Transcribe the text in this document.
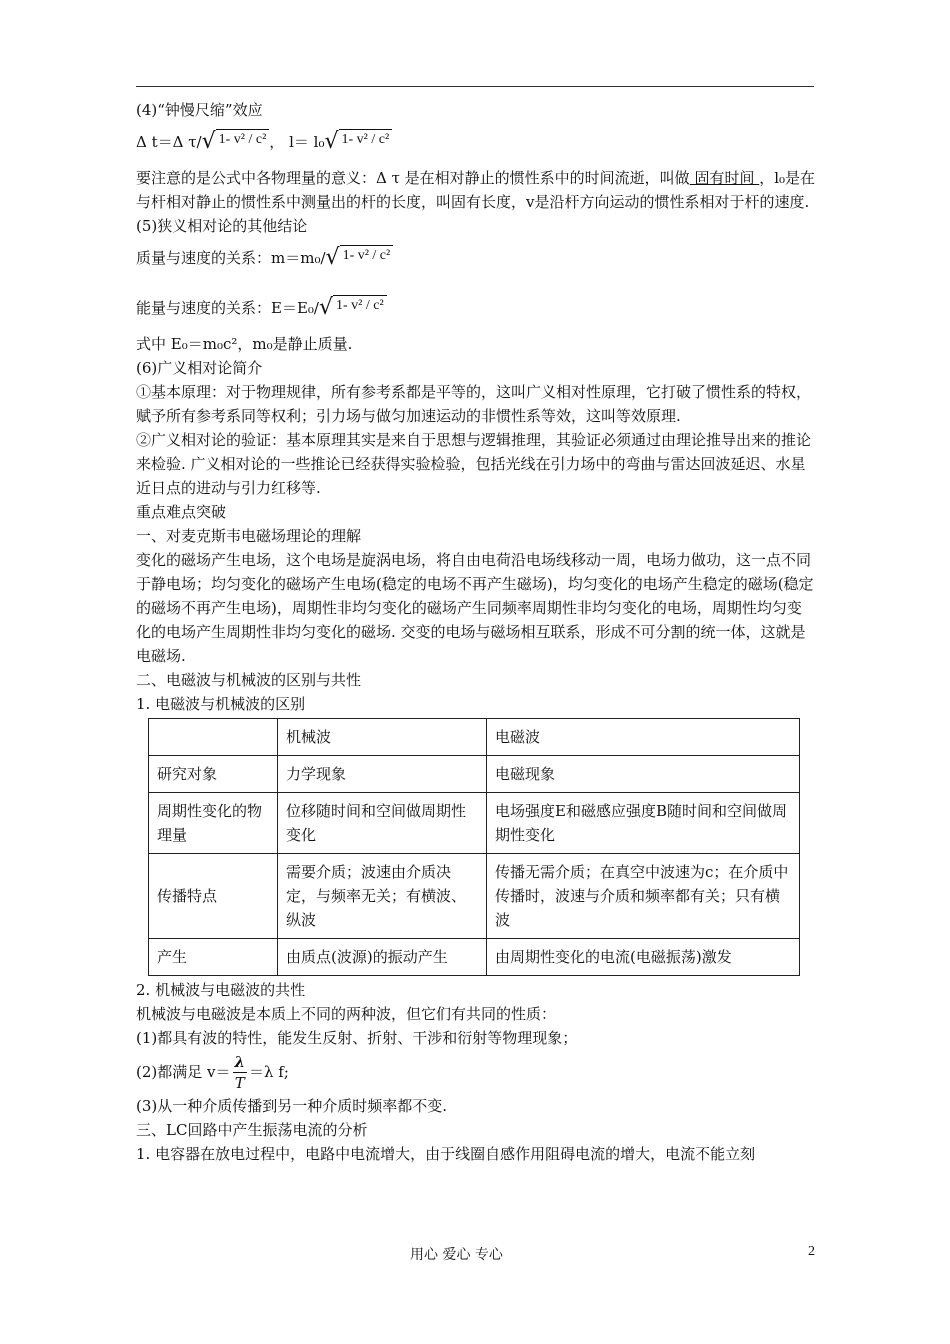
(4)“钟慢尺缩”效应
Δ t＝Δ τ/ √ 1- v² / c² ，
l＝ l₀ √ 1- v² / c²
要注意的是公式中各物理量的意义：Δ τ 是在相对静止的惯性系中的时间流逝，叫做 固有时间 ，l₀是在与杆相对静止的惯性系中测量出的杆的长度，叫固有长度，v是沿杆方向运动的惯性系相对于杆的速度.
(5)狭义相对论的其他结论
质量与速度的关系： m＝m₀/ √ 1- v² / c²
能量与速度的关系： E＝E₀/ √ 1- v² / c²
式中 E₀＝m₀c²，m₀是静止质量.
(6)广义相对论简介
①基本原理：对于物理规律，所有参考系都是平等的，这叫广义相对性原理，它打破了惯性系的特权，赋予所有参考系同等权利；引力场与做匀加速运动的非惯性系等效，这叫等效原理.
②广义相对论的验证：基本原理其实是来自于思想与逻辑推理，其验证必须通过由理论推导出来的推论来检验. 广义相对论的一些推论已经获得实验检验，包括光线在引力场中的弯曲与雷达回波延迟、水星近日点的进动与引力红移等.
重点难点突破
一、对麦克斯韦电磁场理论的理解
变化的磁场产生电场，这个电场是旋涡电场，将自由电荷沿电场线移动一周，电场力做功，这一点不同于静电场；均匀变化的磁场产生电场(稳定的电场不再产生磁场)，均匀变化的电场产生稳定的磁场(稳定的磁场不再产生电场)，周期性非均匀变化的磁场产生同频率周期性非均匀变化的电场，周期性均匀变化的电场产生周期性非均匀变化的磁场. 交变的电场与磁场相互联系，形成不可分割的统一体，这就是电磁场.
二、电磁波与机械波的区别与共性
1. 电磁波与机械波的区别
	机械波	电磁波
研究对象	力学现象	电磁现象
周期性变化的物理量	位移随时间和空间做周期性变化	电场强度E和磁感应强度B随时间和空间做周期性变化
传播特点	需要介质；波速由介质决定，与频率无关；有横波、纵波	传播无需介质；在真空中波速为c；在介质中传播时，波速与介质和频率都有关；只有横波
产生	由质点(波源)的振动产生	由周期性变化的电流(电磁振荡)激发
2. 机械波与电磁波的共性
机械波与电磁波是本质上不同的两种波，但它们有共同的性质：
(1)都具有波的特性，能发生反射、折射、干涉和衍射等物理现象；
(2)都满足 $v= \frac{\lambda}{T} =\lambda$ f;
(3)从一种介质传播到另一种介质时频率都不变.
三、LC回路中产生振荡电流的分析
1. 电容器在放电过程中，电路中电流增大，由于线圈自感作用阻碍电流的增大，电流不能立刻
用心 爱心 专心	2
